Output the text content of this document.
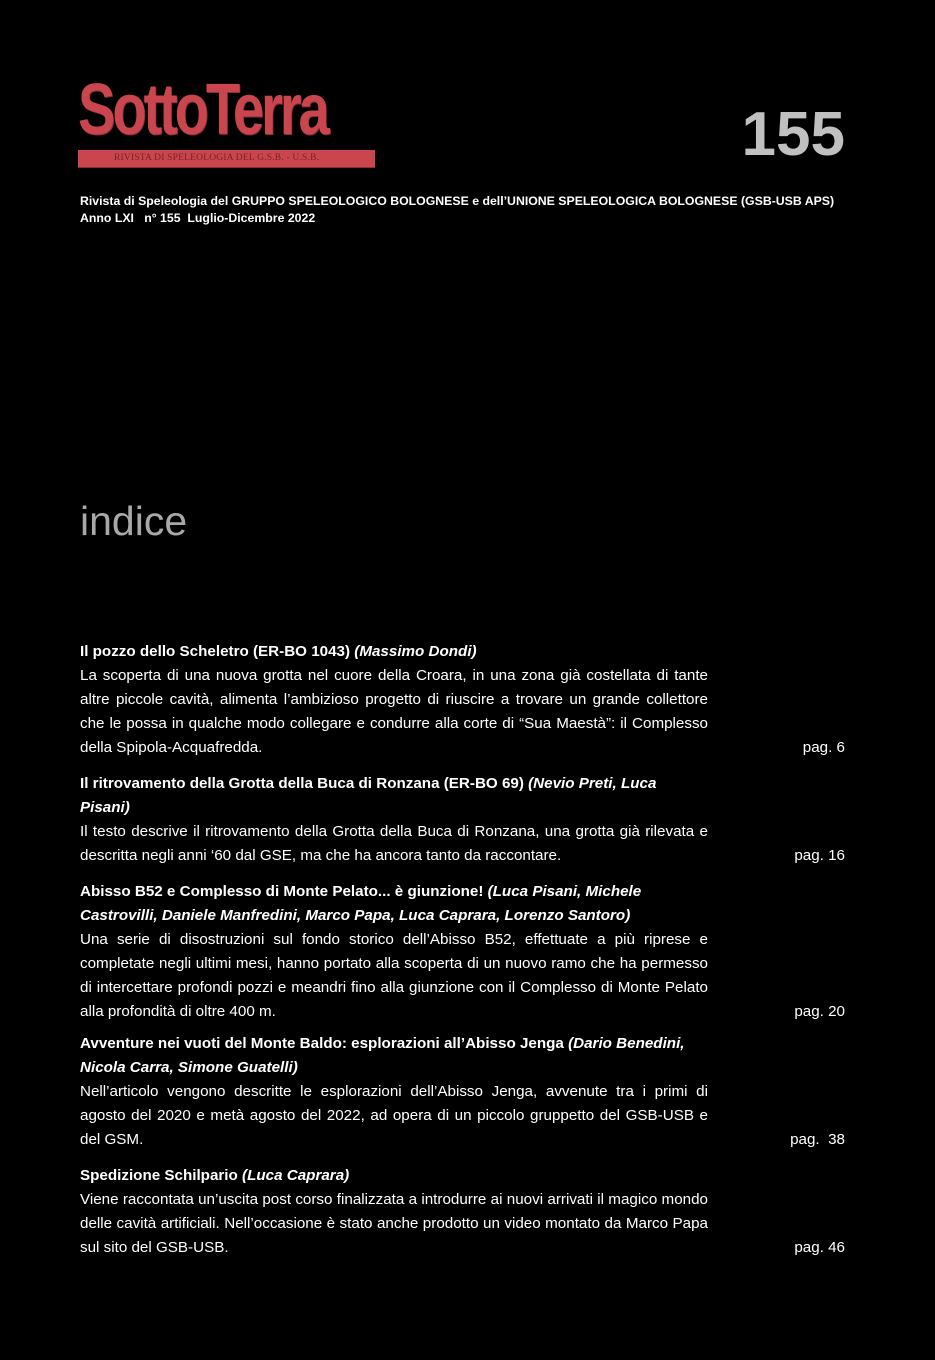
SottoTerra
RIVISTA DI SPELEOLOGIA DEL G.S.B. - U.S.B.	155
Rivista di Speleologia del GRUPPO SPELEOLOGICO BOLOGNESE e dell’UNIONE SPELEOLOGICA BOLOGNESE (GSB-USB APS)
Anno LXI   n° 155  Luglio-Dicembre 2022
indice
Il pozzo dello Scheletro (ER-BO 1043) (Massimo Dondi)
La scoperta di una nuova grotta nel cuore della Croara, in una zona già costellata di tante altre piccole cavità, alimenta l’ambizioso progetto di riuscire a trovare un grande collettore che le possa in qualche modo collegare e condurre alla corte di “Sua Maestà”: il Complesso della Spipola-Acquafredda.	pag. 6
Il ritrovamento della Grotta della Buca di Ronzana (ER-BO 69) (Nevio Preti, Luca Pisani)
Il testo descrive il ritrovamento della Grotta della Buca di Ronzana, una grotta già rilevata e descritta negli anni ‘60 dal GSE, ma che ha ancora tanto da raccontare.	pag. 16
Abisso B52 e Complesso di Monte Pelato... è giunzione! (Luca Pisani, Michele Castrovilli, Daniele Manfredini, Marco Papa, Luca Caprara, Lorenzo Santoro)
Una serie di disostruzioni sul fondo storico dell’Abisso B52, effettuate a più riprese e completate negli ultimi mesi, hanno portato alla scoperta di un nuovo ramo che ha permesso di intercettare profondi pozzi e meandri fino alla giunzione con il Complesso di Monte Pelato alla profondità di oltre 400 m.	pag. 20
Avventure nei vuoti del Monte Baldo: esplorazioni all’Abisso Jenga (Dario Benedini, Nicola Carra, Simone Guatelli)
Nell’articolo vengono descritte le esplorazioni dell’Abisso Jenga, avvenute tra i primi di agosto del 2020 e metà agosto del 2022, ad opera di un piccolo gruppetto del GSB-USB e del GSM.	pag.  38
Spedizione Schilpario (Luca Caprara)
Viene raccontata un’uscita post corso finalizzata a introdurre ai nuovi arrivati il magico mondo delle cavità artificiali. Nell’occasione è stato anche prodotto un video montato da Marco Papa sul sito del GSB-USB.	pag. 46
